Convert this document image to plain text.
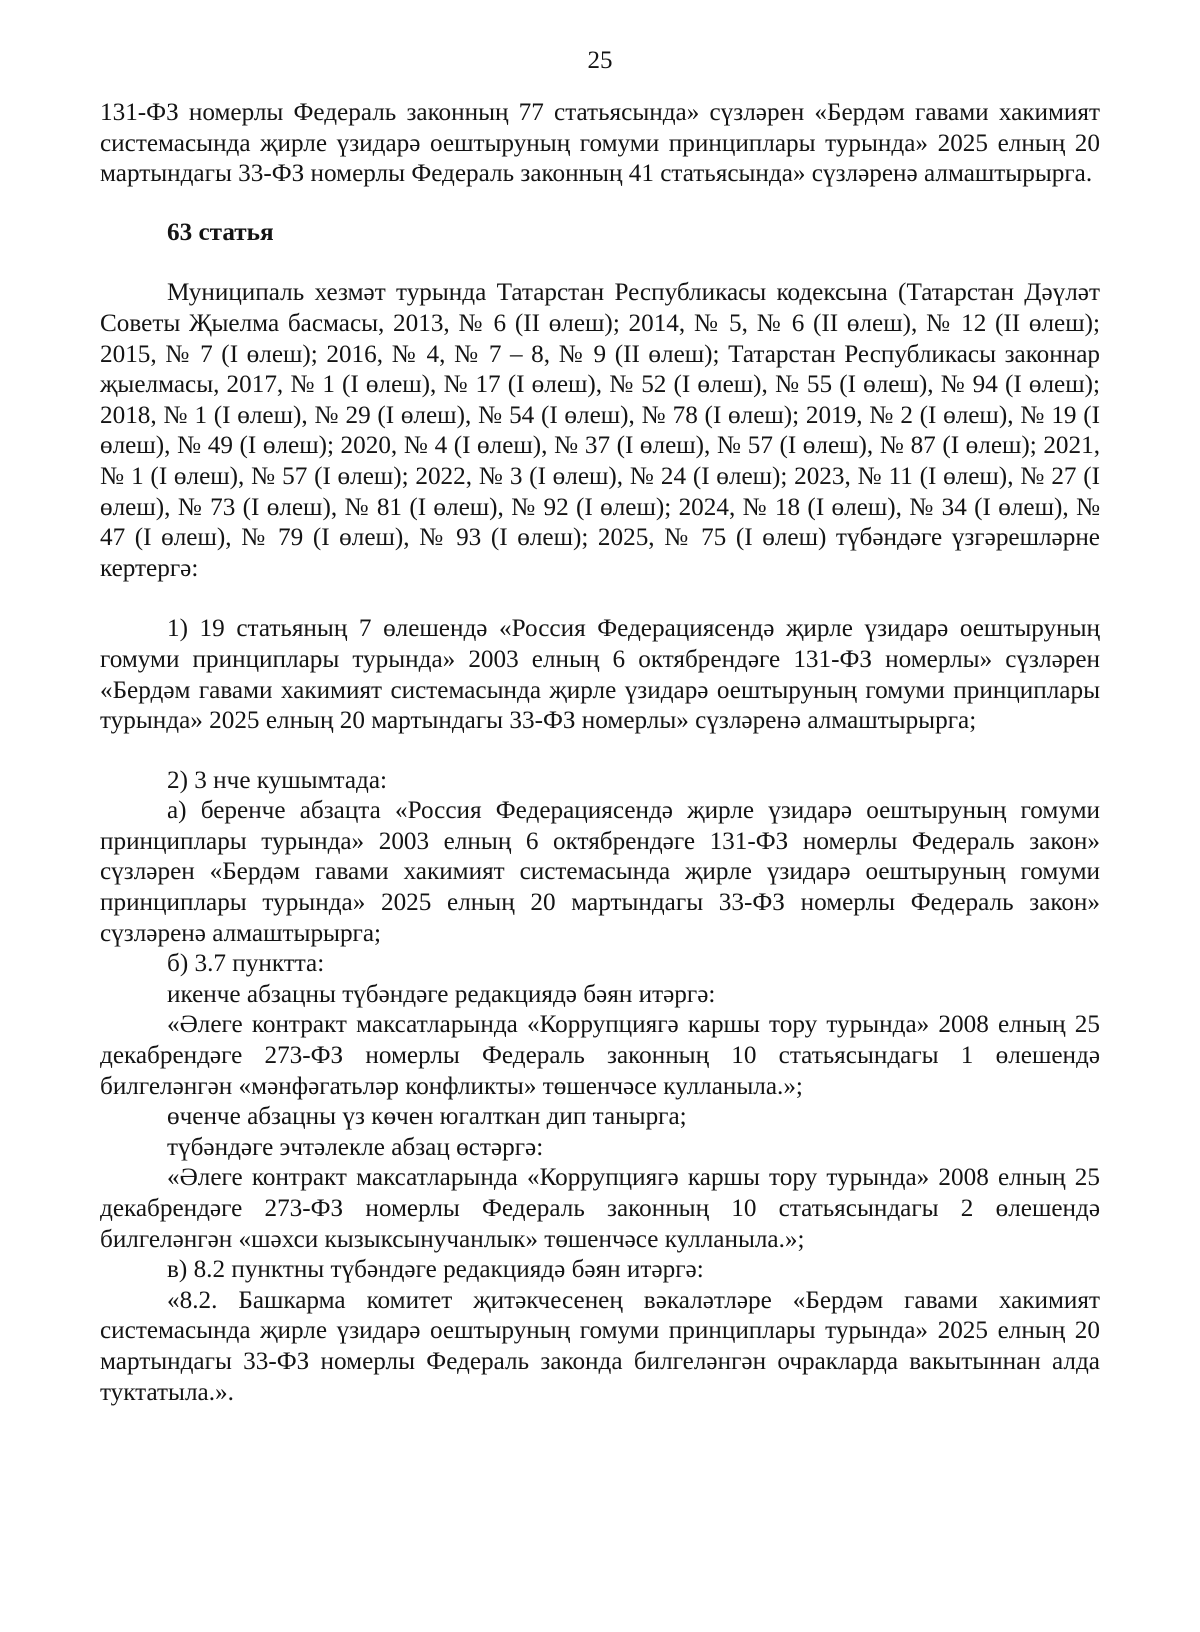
25

131-ФЗ номерлы Федераль законның 77 статьясында» сүзләрен «Бердәм гавами хакимият системасында җирле үзидарә оештыруның гомуми принциплары турында» 2025 елның 20 мартындагы 33-ФЗ номерлы Федераль законның 41 статьясында» сүзләренә алмаштырырга.

63 статья

Муниципаль хезмәт турында Татарстан Республикасы кодексына (Татарстан Дәүләт Советы Җыелма басмасы, 2013, № 6 (II өлеш); 2014, № 5, № 6 (II өлеш), № 12 (II өлеш); 2015, № 7 (I өлеш); 2016, № 4, № 7 – 8, № 9 (II өлеш); Татарстан Республикасы законнар җыелмасы, 2017, № 1 (I өлеш), № 17 (I өлеш), № 52 (I өлеш), № 55 (I өлеш), № 94 (I өлеш); 2018, № 1 (I өлеш), № 29 (I өлеш), № 54 (I өлеш), № 78 (I өлеш); 2019, № 2 (I өлеш), № 19 (I өлеш), № 49 (I өлеш); 2020, № 4 (I өлеш), № 37 (I өлеш), № 57 (I өлеш), № 87 (I өлеш); 2021, № 1 (I өлеш), № 57 (I өлеш); 2022, № 3 (I өлеш), № 24 (I өлеш); 2023, № 11 (I өлеш), № 27 (I өлеш), № 73 (I өлеш), № 81 (I өлеш), № 92 (I өлеш); 2024, № 18 (I өлеш), № 34 (I өлеш), № 47 (I өлеш), № 79 (I өлеш), № 93 (I өлеш); 2025, № 75 (I өлеш) түбәндәге үзгәрешләрне кертергә:

1) 19 статьяның 7 өлешендә «Россия Федерациясендә җирле үзидарә оештыруның гомуми принциплары турында» 2003 елның 6 октябрендәге 131-ФЗ номерлы» сүзләрен «Бердәм гавами хакимият системасында җирле үзидарә оештыруның гомуми принциплары турында» 2025 елның 20 мартындагы 33-ФЗ номерлы» сүзләренә алмаштырырга;

2) 3 нче кушымтада:

а) беренче абзацта «Россия Федерациясендә җирле үзидарә оештыруның гомуми принциплары турында» 2003 елның 6 октябрендәге 131-ФЗ номерлы Федераль закон» сүзләрен «Бердәм гавами хакимият системасында җирле үзидарә оештыруның гомуми принциплары турында» 2025 елның 20 мартындагы 33-ФЗ номерлы Федераль закон» сүзләренә алмаштырырга;

б) 3.7 пунктта:

икенче абзацны түбәндәге редакциядә бәян итәргә:

«Әлеге контракт максатларында «Коррупциягә каршы тору турында» 2008 елның 25 декабрендәге 273-ФЗ номерлы Федераль законның 10 статьясындагы 1 өлешендә билгеләнгән «мәнфәгатьләр конфликты» төшенчәсе кулланыла.»;

өченче абзацны үз көчен югалткан дип танырга;

түбәндәге эчтәлекле абзац өстәргә:

«Әлеге контракт максатларында «Коррупциягә каршы тору турында» 2008 елның 25 декабрендәге 273-ФЗ номерлы Федераль законның 10 статьясындагы 2 өлешендә билгеләнгән «шәхси кызыксынучанлык» төшенчәсе кулланыла.»;

в) 8.2 пунктны түбәндәге редакциядә бәян итәргә:

«8.2. Башкарма комитет җитәкчесенең вәкаләтләре «Бердәм гавами хакимият системасында җирле үзидарә оештыруның гомуми принциплары турында» 2025 елның 20 мартындагы 33-ФЗ номерлы Федераль законда билгеләнгән очракларда вакытыннан алда туктатыла.».
